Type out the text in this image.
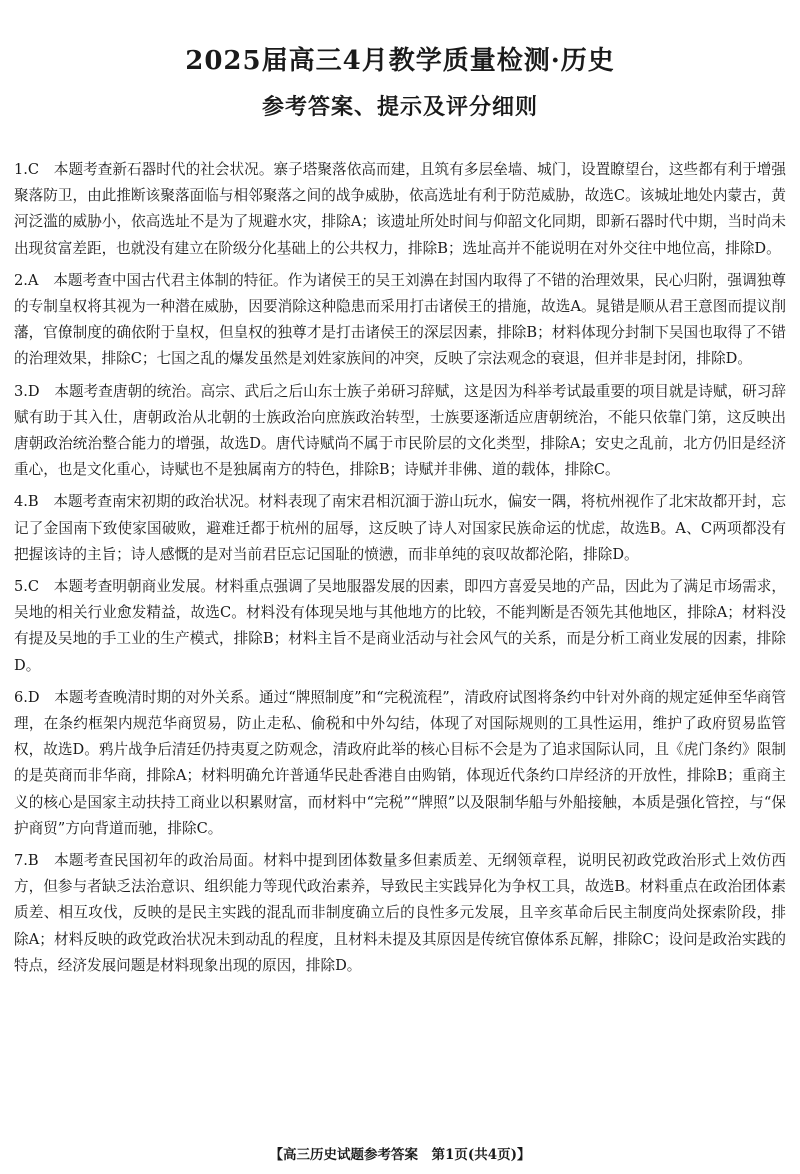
2025届高三4月教学质量检测·历史
参考答案、提示及评分细则

1.C　 本题考查新石器时代的社会状况。寨子塔聚落依高而建，且筑有多层垒墙、城门，设置瞭望台，这些都有利于增强聚落防卫，由此推断该聚落面临与相邻聚落之间的战争威胁，依高选址有利于防范威胁，故选C。该城址地处内蒙古，黄河泛滥的威胁小，依高选址不是为了规避水灾，排除A；该遗址所处时间与仰韶文化同期，即新石器时代中期，当时尚未出现贫富差距，也就没有建立在阶级分化基础上的公共权力，排除B；选址高并不能说明在对外交往中地位高，排除D。

2.A　 本题考查中国古代君主体制的特征。作为诸侯王的吴王刘濞在封国内取得了不错的治理效果，民心归附，强调独尊的专制皇权将其视为一种潜在威胁，因要消除这种隐患而采用打击诸侯王的措施，故选A。晁错是顺从君王意图而提议削藩，官僚制度的确依附于皇权，但皇权的独尊才是打击诸侯王的深层因素，排除B；材料体现分封制下吴国也取得了不错的治理效果，排除C；七国之乱的爆发虽然是刘姓家族间的冲突，反映了宗法观念的衰退，但并非是封闭，排除D。

3.D　 本题考查唐朝的统治。高宗、武后之后山东士族子弟研习辞赋，这是因为科举考试最重要的项目就是诗赋，研习辞赋有助于其入仕，唐朝政治从北朝的士族政治向庶族政治转型，士族要逐渐适应唐朝统治，不能只依靠门第，这反映出唐朝政治统治整合能力的增强，故选D。唐代诗赋尚不属于市民阶层的文化类型，排除A；安史之乱前，北方仍旧是经济重心，也是文化重心，诗赋也不是独属南方的特色，排除B；诗赋并非佛、道的载体，排除C。

4.B　 本题考查南宋初期的政治状况。材料表现了南宋君相沉湎于游山玩水，偏安一隅，将杭州视作了北宋故都开封，忘记了金国南下致使家国破败，避难迁都于杭州的屈辱，这反映了诗人对国家民族命运的忧虑，故选B。A、C两项都没有把握该诗的主旨；诗人感慨的是对当前君臣忘记国耻的愤懑，而非单纯的哀叹故都沦陷，排除D。

5.C　 本题考查明朝商业发展。材料重点强调了吴地服器发展的因素，即四方喜爱吴地的产品，因此为了满足市场需求，吴地的相关行业愈发精益，故选C。材料没有体现吴地与其他地方的比较，不能判断是否领先其他地区，排除A；材料没有提及吴地的手工业的生产模式，排除B；材料主旨不是商业活动与社会风气的关系，而是分析工商业发展的因素，排除D。

6.D　 本题考查晚清时期的对外关系。通过“牌照制度”和“完税流程”，清政府试图将条约中针对外商的规定延伸至华商管理，在条约框架内规范华商贸易，防止走私、偷税和中外勾结，体现了对国际规则的工具性运用，维护了政府贸易监管权，故选D。鸦片战争后清廷仍持夷夏之防观念，清政府此举的核心目标不会是为了追求国际认同，且《虎门条约》限制的是英商而非华商，排除A；材料明确允许普通华民赴香港自由购销，体现近代条约口岸经济的开放性，排除B；重商主义的核心是国家主动扶持工商业以积累财富，而材料中“完税”“牌照”以及限制华船与外船接触，本质是强化管控，与“保护商贸”方向背道而驰，排除C。

7.B　 本题考查民国初年的政治局面。材料中提到团体数量多但素质差、无纲领章程，说明民初政党政治形式上效仿西方，但参与者缺乏法治意识、组织能力等现代政治素养，导致民主实践异化为争权工具，故选B。材料重点在政治团体素质差、相互攻伐，反映的是民主实践的混乱而非制度确立后的良性多元发展，且辛亥革命后民主制度尚处探索阶段，排除A；材料反映的政党政治状况未到动乱的程度，且材料未提及其原因是传统官僚体系瓦解，排除C；设问是政治实践的特点，经济发展问题是材料现象出现的原因，排除D。

【高三历史试题参考答案　第1页(共4页)】
